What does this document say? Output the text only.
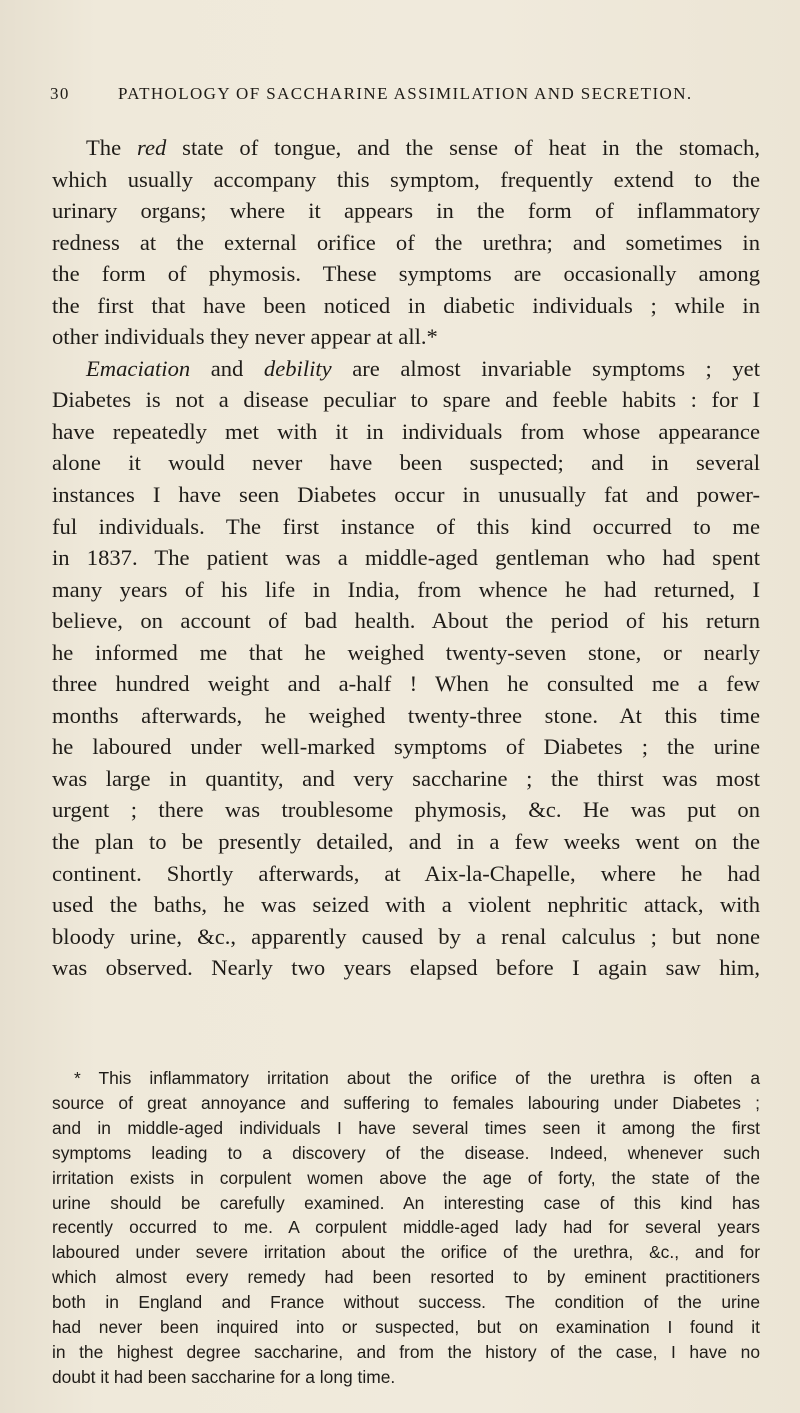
30	PATHOLOGY OF SACCHARINE ASSIMILATION AND SECRETION.
The red state of tongue, and the sense of heat in the stomach,
which usually accompany this symptom, frequently extend to the
urinary organs; where it appears in the form of inflammatory
redness at the external orifice of the urethra; and sometimes in
the form of phymosis. These symptoms are occasionally among
the first that have been noticed in diabetic individuals ; while in
other individuals they never appear at all.*
Emaciation and debility are almost invariable symptoms ; yet
Diabetes is not a disease peculiar to spare and feeble habits : for I
have repeatedly met with it in individuals from whose appearance
alone it would never have been suspected; and in several
instances I have seen Diabetes occur in unusually fat and power-
ful individuals. The first instance of this kind occurred to me
in 1837. The patient was a middle-aged gentleman who had spent
many years of his life in India, from whence he had returned, I
believe, on account of bad health. About the period of his return
he informed me that he weighed twenty-seven stone, or nearly
three hundred weight and a-half ! When he consulted me a few
months afterwards, he weighed twenty-three stone. At this time
he laboured under well-marked symptoms of Diabetes ; the urine
was large in quantity, and very saccharine ; the thirst was most
urgent ; there was troublesome phymosis, &c. He was put on
the plan to be presently detailed, and in a few weeks went on the
continent. Shortly afterwards, at Aix-la-Chapelle, where he had
used the baths, he was seized with a violent nephritic attack, with
bloody urine, &c., apparently caused by a renal calculus ; but none
was observed. Nearly two years elapsed before I again saw him,
* This inflammatory irritation about the orifice of the urethra is often a
source of great annoyance and suffering to females labouring under Diabetes ;
and in middle-aged individuals I have several times seen it among the first
symptoms leading to a discovery of the disease. Indeed, whenever such
irritation exists in corpulent women above the age of forty, the state of the
urine should be carefully examined. An interesting case of this kind has
recently occurred to me. A corpulent middle-aged lady had for several years
laboured under severe irritation about the orifice of the urethra, &c., and for
which almost every remedy had been resorted to by eminent practitioners
both in England and France without success. The condition of the urine
had never been inquired into or suspected, but on examination I found it
in the highest degree saccharine, and from the history of the case, I have no
doubt it had been saccharine for a long time.
